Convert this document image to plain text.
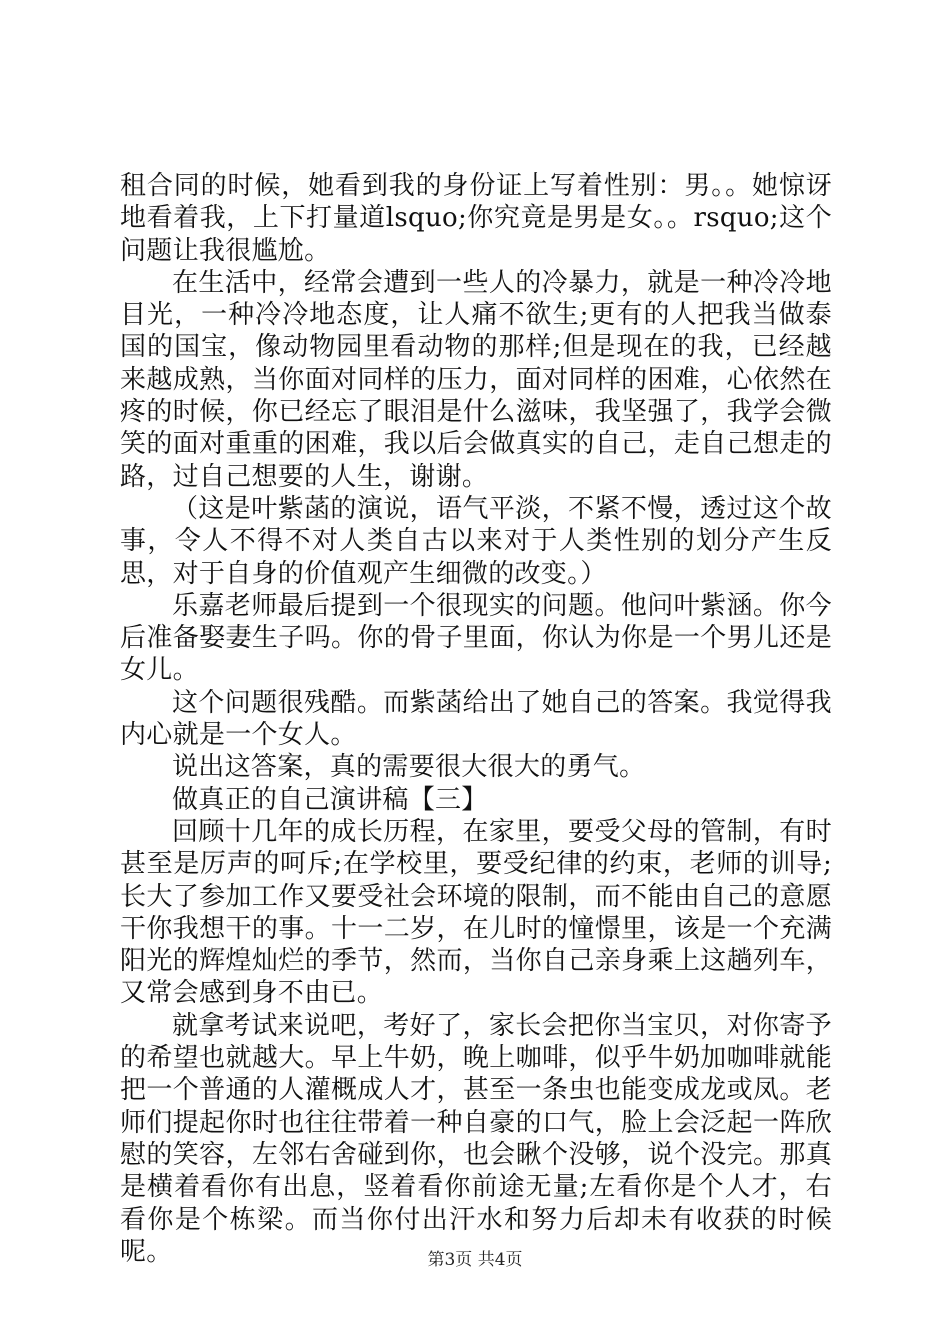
租合同的时候，她看到我的身份证上写着性别：男。。她惊讶地看着我，上下打量道lsquo;你究竟是男是女。。rsquo;这个问题让我很尴尬。

在生活中，经常会遭到一些人的冷暴力，就是一种冷冷地目光，一种冷冷地态度，让人痛不欲生;更有的人把我当做泰国的国宝，像动物园里看动物的那样;但是现在的我，已经越来越成熟，当你面对同样的压力，面对同样的困难，心依然在疼的时候，你已经忘了眼泪是什么滋味，我坚强了，我学会微笑的面对重重的困难，我以后会做真实的自己，走自己想走的路，过自己想要的人生，谢谢。

（这是叶紫菡的演说，语气平淡，不紧不慢，透过这个故事，令人不得不对人类自古以来对于人类性别的划分产生反思，对于自身的价值观产生细微的改变。）

乐嘉老师最后提到一个很现实的问题。他问叶紫涵。你今后准备娶妻生子吗。你的骨子里面，你认为你是一个男儿还是女儿。

这个问题很残酷。而紫菡给出了她自己的答案。我觉得我内心就是一个女人。

说出这答案，真的需要很大很大的勇气。

做真正的自己演讲稿【三】

回顾十几年的成长历程，在家里，要受父母的管制，有时甚至是厉声的呵斥;在学校里，要受纪律的约束，老师的训导;长大了参加工作又要受社会环境的限制，而不能由自己的意愿干你我想干的事。十一二岁，在儿时的憧憬里，该是一个充满阳光的辉煌灿烂的季节，然而，当你自己亲身乘上这趟列车，又常会感到身不由已。

就拿考试来说吧，考好了，家长会把你当宝贝，对你寄予的希望也就越大。早上牛奶，晚上咖啡，似乎牛奶加咖啡就能把一个普通的人灌概成人才，甚至一条虫也能变成龙或凤。老师们提起你时也往往带着一种自豪的口气，脸上会泛起一阵欣慰的笑容，左邻右舍碰到你，也会瞅个没够，说个没完。那真是横着看你有出息，竖着看你前途无量;左看你是个人才，右看你是个栋梁。而当你付出汗水和努力后却未有收获的时候呢。	第3页 共4页
